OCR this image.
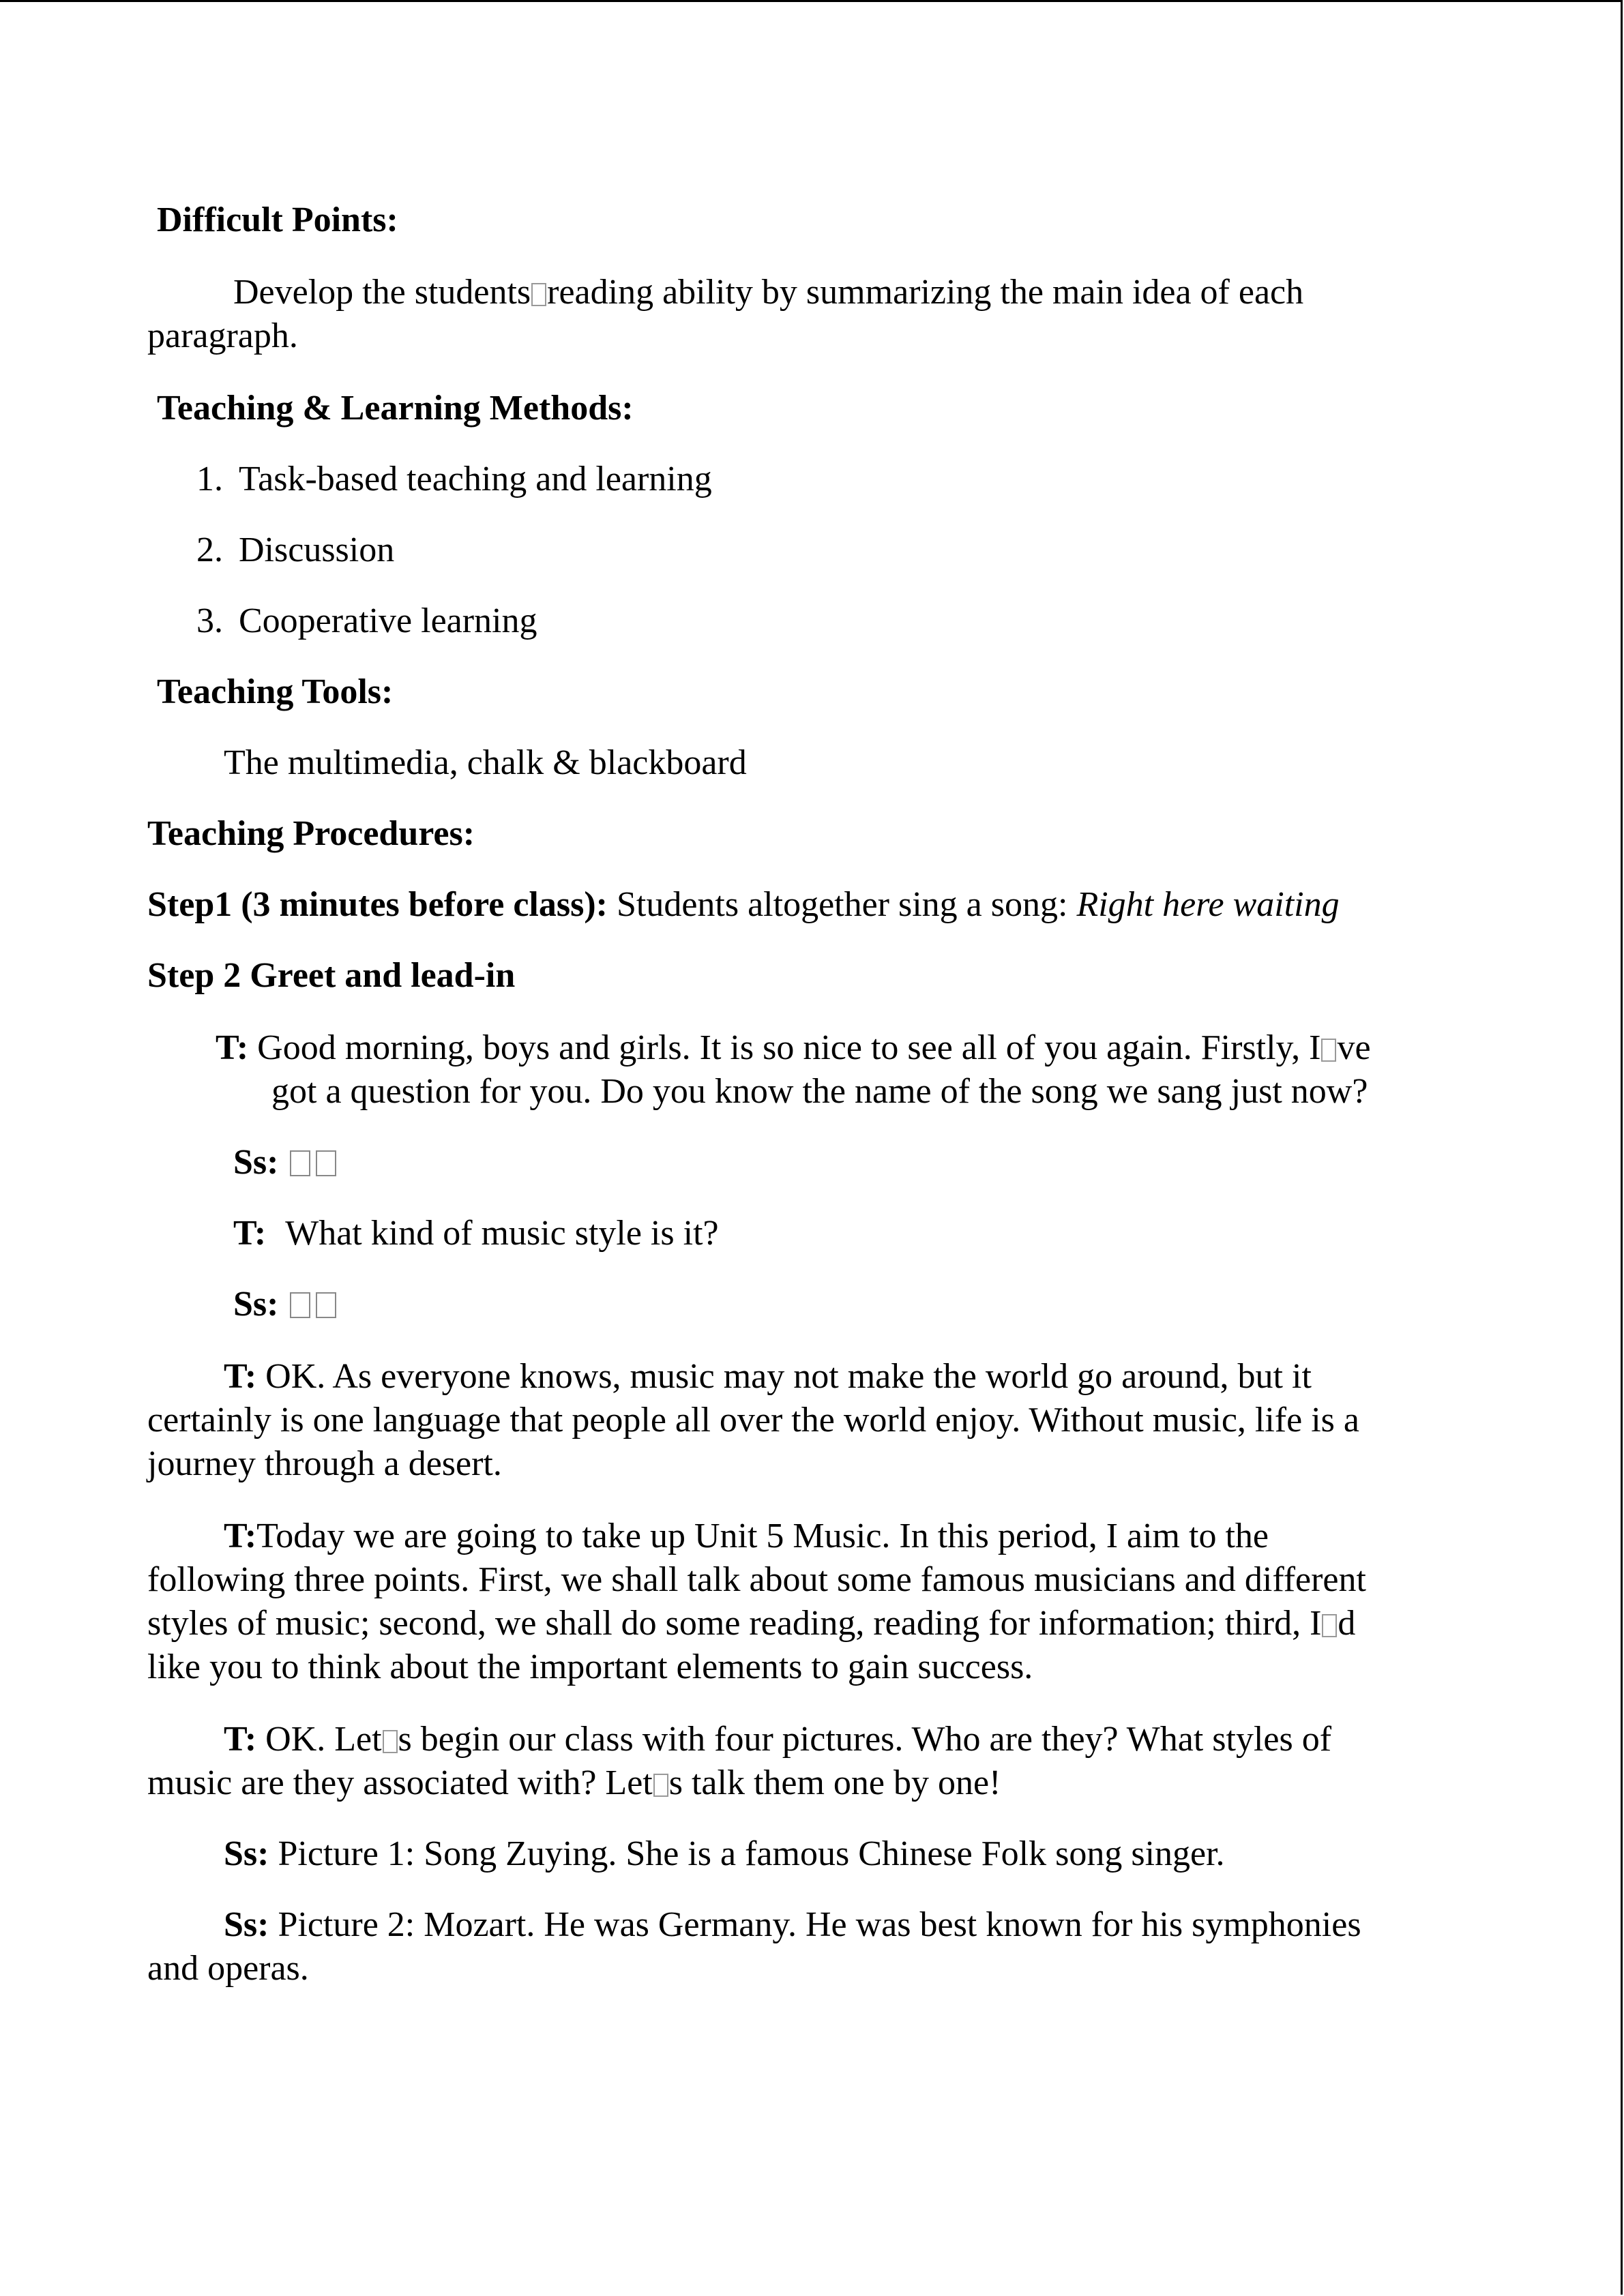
Difficult Points:
Develop the students reading ability by summarizing the main idea of each
paragraph.
Teaching & Learning Methods:
1. Task-based teaching and learning
2. Discussion
3. Cooperative learning
Teaching Tools:
The multimedia, chalk & blackboard
Teaching Procedures:
Step1 (3 minutes before class): Students altogether sing a song: Right here waiting
Step 2 Greet and lead-in
T: Good morning, boys and girls. It is so nice to see all of you again. Firstly, I ve
got a question for you. Do you know the name of the song we sang just now?
Ss:
T: What kind of music style is it?
Ss:
T: OK. As everyone knows, music may not make the world go around, but it
certainly is one language that people all over the world enjoy. Without music, life is a
journey through a desert.
T:Today we are going to take up Unit 5 Music. In this period, I aim to the
following three points. First, we shall talk about some famous musicians and different
styles of music; second, we shall do some reading, reading for information; third, I d
like you to think about the important elements to gain success.
T: OK. Let s begin our class with four pictures. Who are they? What styles of
music are they associated with? Let s talk them one by one!
Ss: Picture 1: Song Zuying. She is a famous Chinese Folk song singer.
Ss: Picture 2: Mozart. He was Germany. He was best known for his symphonies
and operas.
